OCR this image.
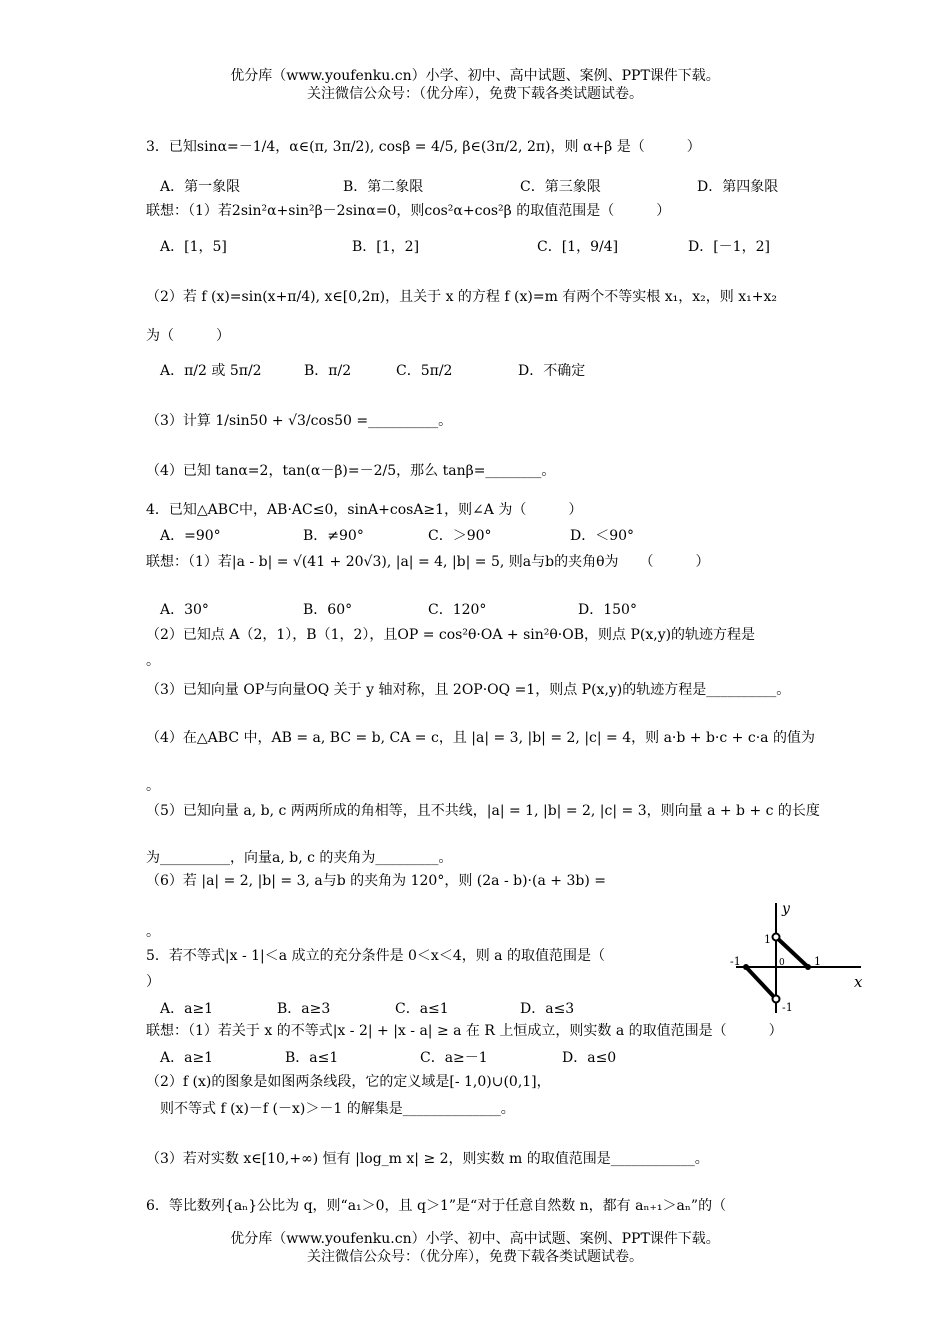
优分库（www.youfenku.cn）小学、初中、高中试题、案例、PPT课件下载。
关注微信公众号：（优分库），免费下载各类试题试卷。
3．已知sinα=－1/4，α∈(π, 3π/2), cosβ = 4/5, β∈(3π/2, 2π)，则 α+β 是（　　　）
A．第一象限	B．第二象限	C．第三象限	D．第四象限
联想：（1）若2sin²α+sin²β－2sinα=0，则cos²α+cos²β 的取值范围是（　　　）
A．[1，5]	B．[1，2]	C．[1，9/4]	D．[－1，2]
（2）若 f (x)=sin(x+π/4), x∈[0,2π)，且关于 x 的方程 f (x)=m 有两个不等实根 x₁，x₂，则 x₁+x₂
为（　　　）
A．π/2 或 5π/2	B．π/2	C．5π/2	D．不确定
（3）计算 1/sin50 + √3/cos50 =__________。
（4）已知 tanα=2，tan(α－β)=－2/5，那么 tanβ=________。
4．已知△ABC中，AB·AC≤0，sinA+cosA≥1，则∠A 为（　　　）
A．=90°	B．≠90°	C．＞90°	D．＜90°
联想：（1）若|a - b| = √(41 + 20√3), |a| = 4, |b| = 5, 则a与b的夹角θ为　　（　　　）
A．30°	B．60°	C．120°	D．150°
（2）已知点 A（2，1），B（1，2），且OP = cos²θ·OA + sin²θ·OB，则点 P(x,y)的轨迹方程是
。
（3）已知向量 OP与向量OQ 关于 y 轴对称，且 2OP·OQ =1，则点 P(x,y)的轨迹方程是__________。
（4）在△ABC 中，AB = a, BC = b, CA = c，且 |a| = 3, |b| = 2, |c| = 4，则 a·b + b·c + c·a 的值为
。
（5）已知向量 a, b, c 两两所成的角相等，且不共线，|a| = 1, |b| = 2, |c| = 3，则向量 a + b + c 的长度
为__________，向量a, b, c 的夹角为_________。
（6）若 |a| = 2, |b| = 3, a与b 的夹角为 120°，则 (2a - b)·(a + 3b) =
。
5．若不等式|x - 1|＜a 成立的充分条件是 0＜x＜4，则 a 的取值范围是（
）
A．a≥1	B．a≥3	C．a≤1	D．a≤3
联想：（1）若关于 x 的不等式|x - 2| + |x - a| ≥ a 在 R 上恒成立，则实数 a 的取值范围是（　　　）
A．a≥1	B．a≤1	C．a≥－1	D．a≤0
（2）f (x)的图象是如图两条线段，它的定义域是[- 1,0)∪(0,1]，
则不等式 f (x)－f (－x)＞－1 的解集是______________。
（3）若对实数 x∈[10,+∞) 恒有 |log_m x| ≥ 2，则实数 m 的取值范围是____________。
6．等比数列{aₙ}公比为 q，则“a₁＞0，且 q＞1”是“对于任意自然数 n，都有 aₙ₊₁＞aₙ”的（
优分库（www.youfenku.cn）小学、初中、高中试题、案例、PPT课件下载。
关注微信公众号：（优分库），免费下载各类试题试卷。
y
x
1
-1	0	1
-1
